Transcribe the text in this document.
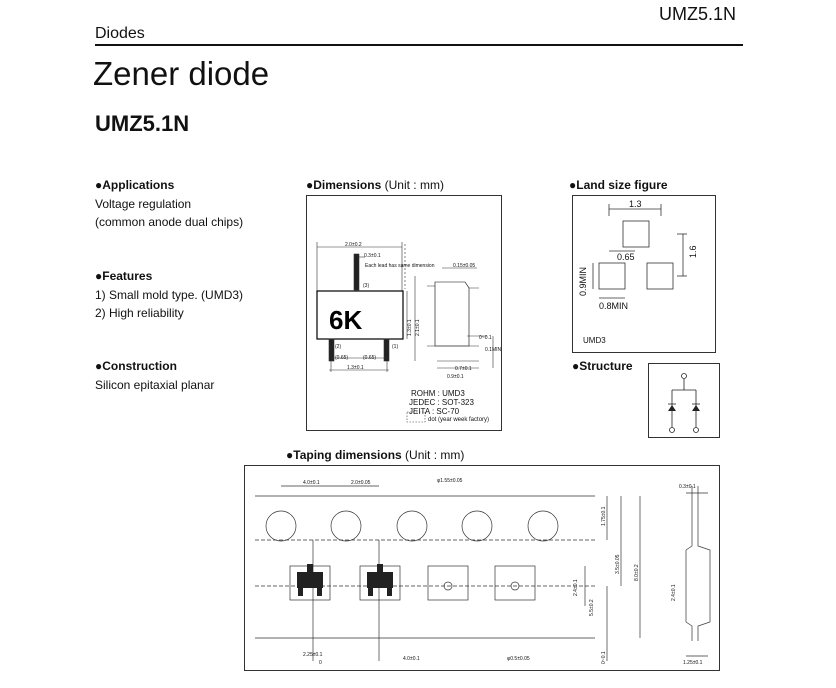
UMZ5.1N
Diodes
Zener diode
UMZ5.1N
●Applications
Voltage regulation
(common anode dual chips)
●Features
1) Small mold type. (UMD3)
2) High reliability
●Construction
Silicon epitaxial planar
●Dimensions (Unit : mm)
2.0±0.2
0.3±0.1
Each lead has same dimension	0.15±0.05
(3)
(1)
(2)
(0.65)	(0.65)
1.3±0.1	0.7±0.1
0.9±0.1
0~0.1
0.1MIN
1.3±0.1 2.1±0.1
6K
ROHM : UMD3
JEDEC : SOT-323
JEITA : SC-70
dot (year week factory)
●Land size figure
1.3
0.65	1.6
0.9MIN
0.8MIN
UMD3
●Structure
●Taping dimensions (Unit : mm)
4.0±0.1	2.0±0.05	φ1.55±0.05
2.25±0.1
0
4.0±0.1	φ0.5±0.05
0.3±0.1
1.25±0.1
1.75±0.1
3.5±0.05	8.0±0.2
2.4±0.1
5.5±0.2
0~0.1
2.4±0.1
